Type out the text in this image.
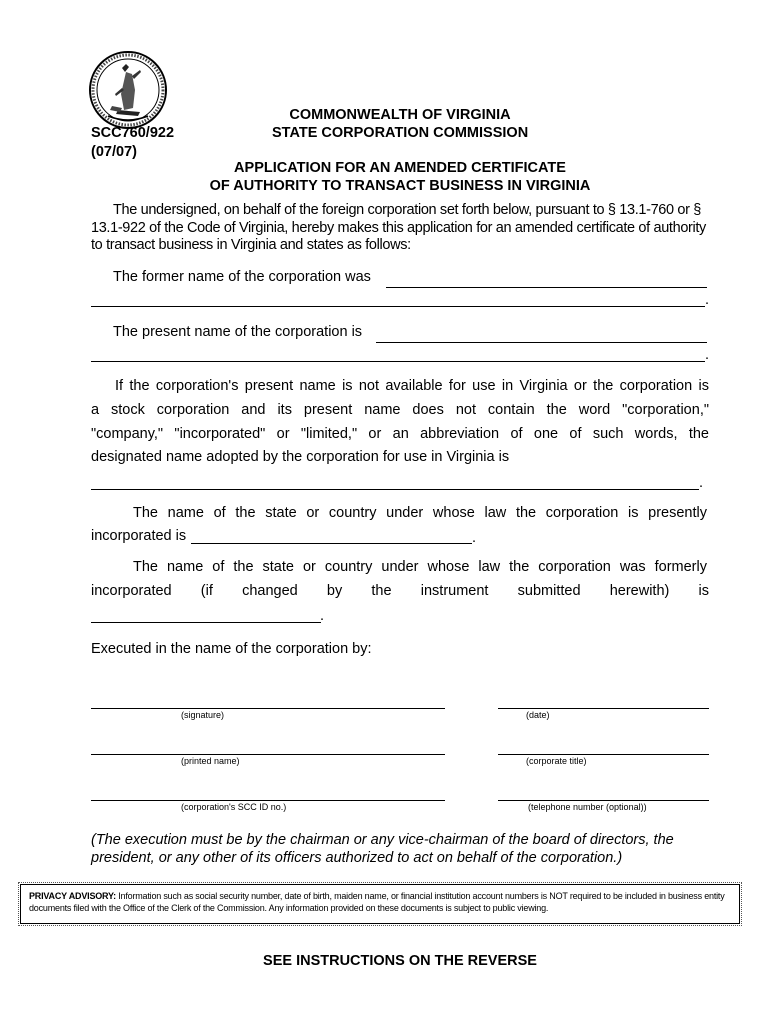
COMMONWEALTH OF VIRGINIA
STATE CORPORATION COMMISSION
SCC760/922
(07/07)
APPLICATION FOR AN AMENDED CERTIFICATE
OF AUTHORITY TO TRANSACT BUSINESS IN VIRGINIA
The undersigned, on behalf of the foreign corporation set forth below, pursuant to § 13.1-760 or § 13.1-922 of the Code of Virginia, hereby makes this application for an amended certificate of authority to transact business in Virginia and states as follows:
The former name of the corporation was
.
The present name of the corporation is
.
If the corporation's present name is not available for use in Virginia or the corporation is
a stock corporation and its present name does not contain the word "corporation,"
"company," "incorporated" or "limited," or an abbreviation of one of such words, the
designated name adopted by the corporation for use in Virginia is
.
The name of the state or country under whose law the corporation is presently
incorporated is	.
The name of the state or country under whose law the corporation was formerly
incorporated (if changed by the instrument submitted herewith) is
.
Executed in the name of the corporation by:
(signature)	(date)
(printed name)	(corporate title)
(corporation's SCC ID no.)	(telephone number (optional))
(The execution must be by the chairman or any vice-chairman of the board of directors, the president, or any other of its officers authorized to act on behalf of the corporation.)
PRIVACY ADVISORY: Information such as social security number, date of birth, maiden name, or financial institution account numbers is NOT required to be included in business entity documents filed with the Office of the Clerk of the Commission. Any information provided on these documents is subject to public viewing.
SEE INSTRUCTIONS ON THE REVERSE
